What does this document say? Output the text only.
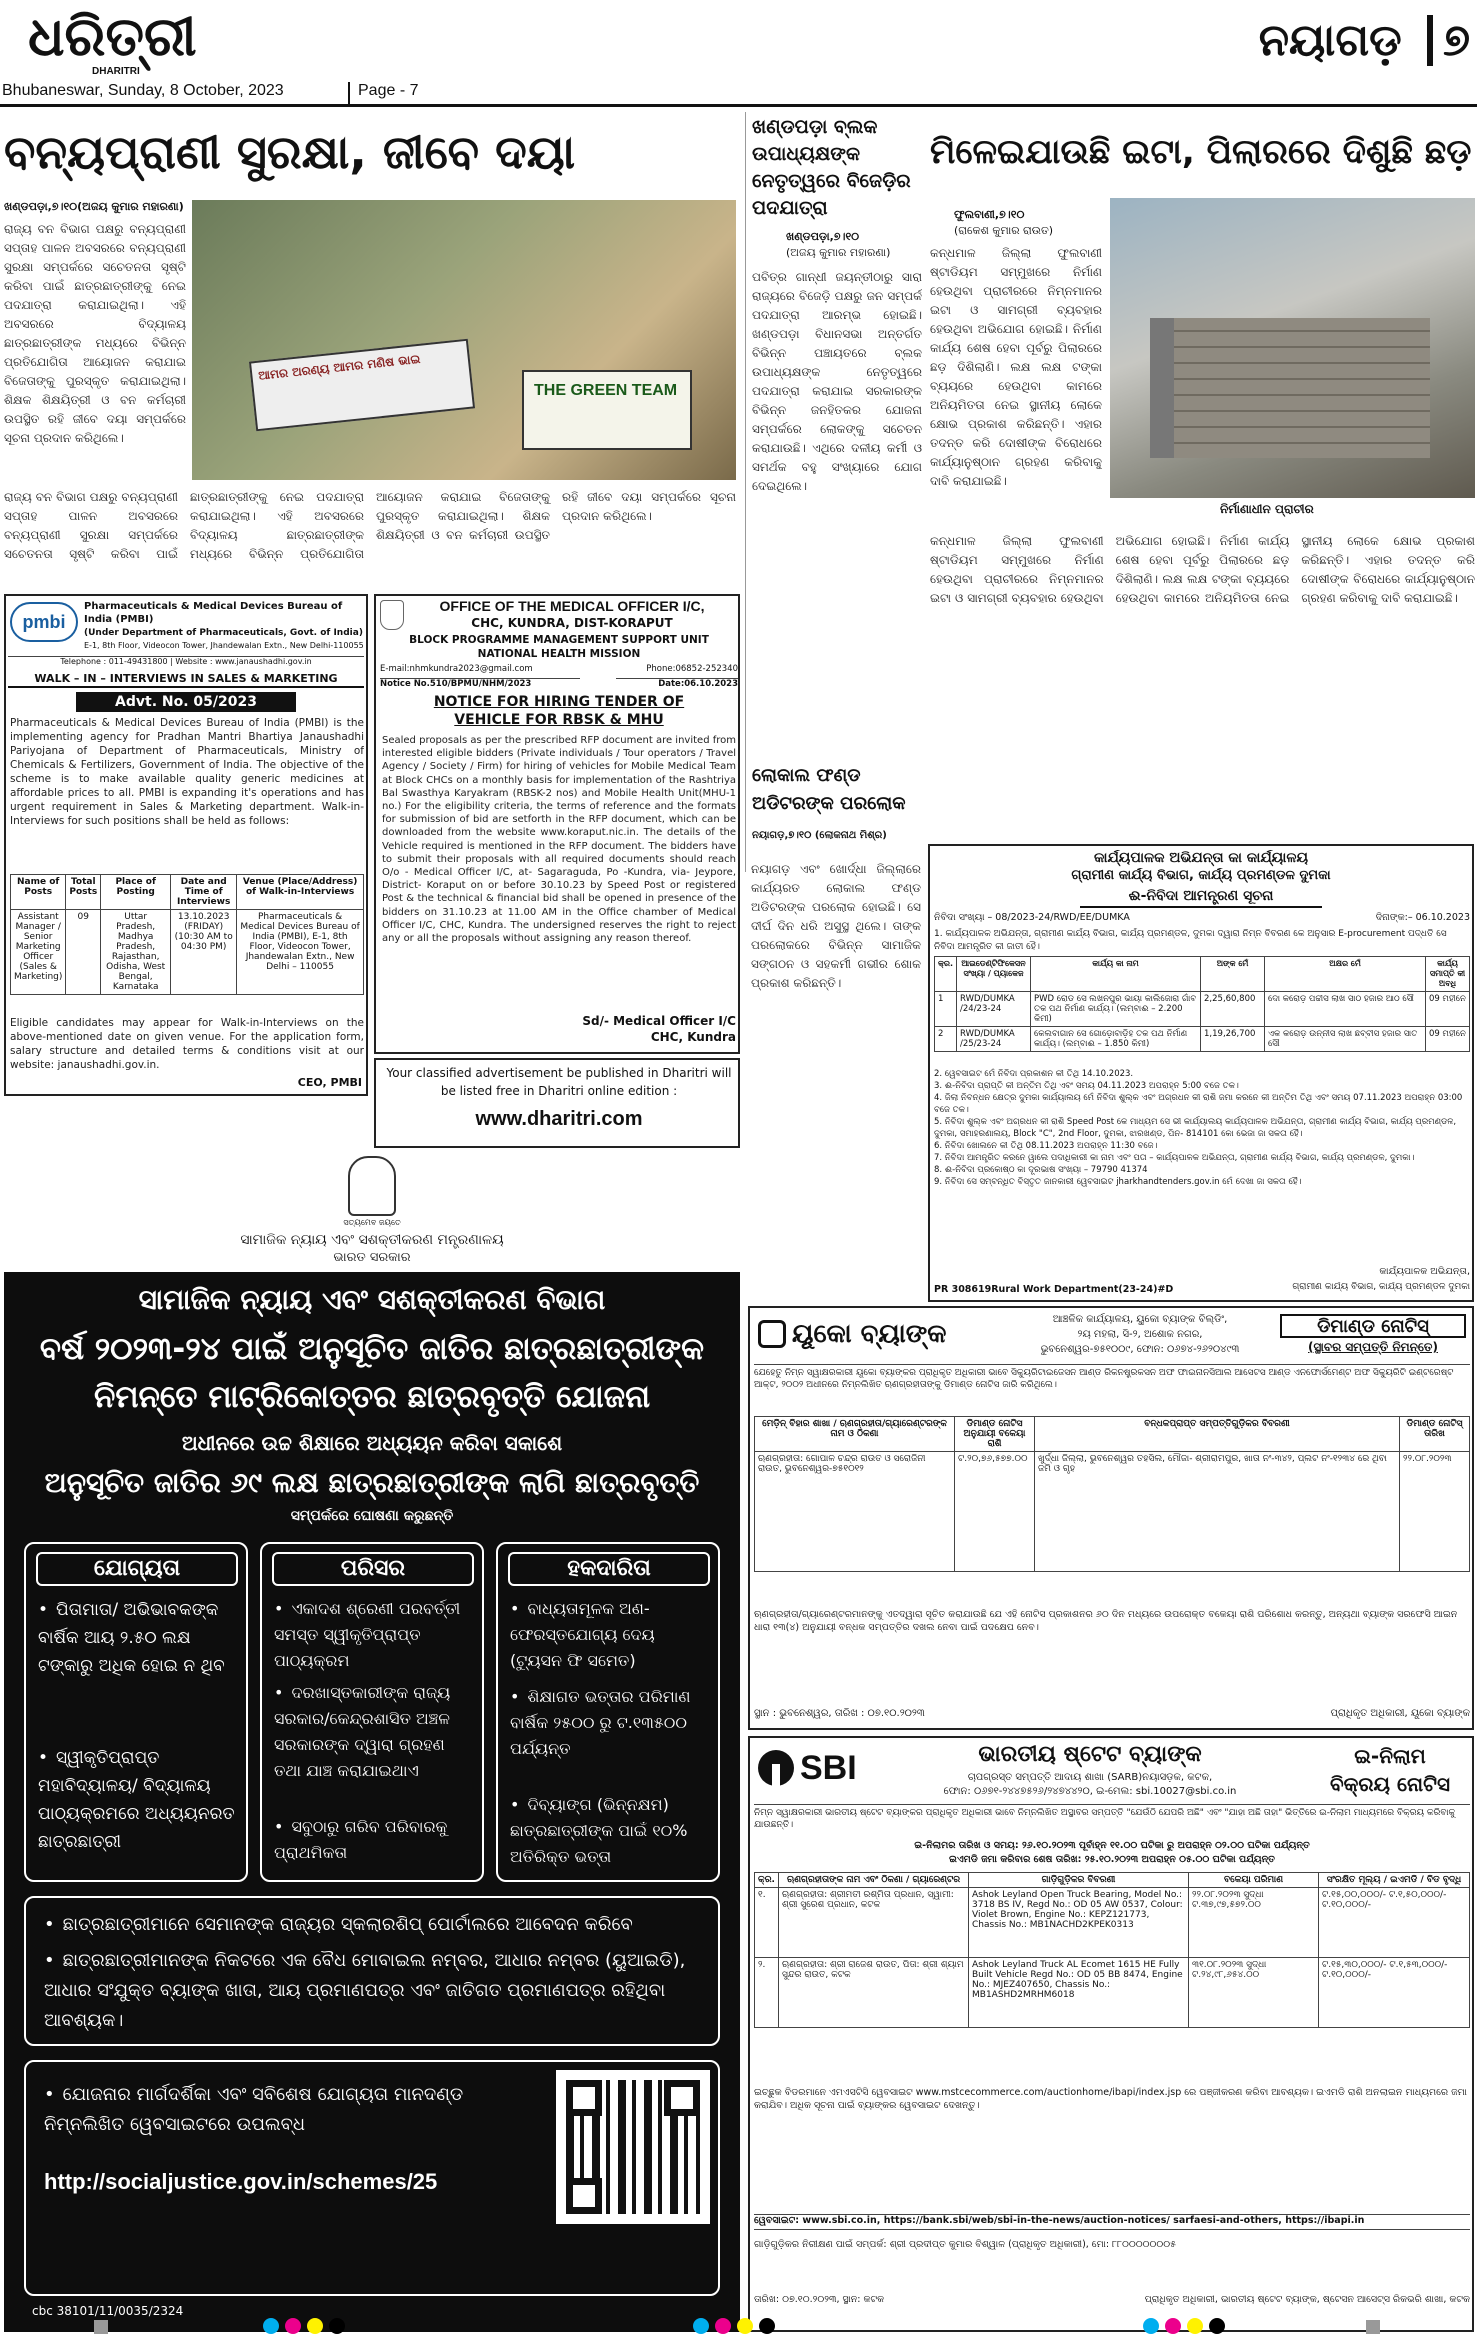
ଧରିତ୍ରୀ
DHARITRI
Bhubaneswar, Sunday, 8 October, 2023	Page - 7
ନୟାଗଡ଼ ୭
ବନ୍ୟପ୍ରାଣୀ ସୁରକ୍ଷା, ଜୀବେ ଦୟା
ଖଣ୍ଡପଡ଼ା,୭।୧୦(ଅଜୟ କୁମାର ମହାରଣା)
ରାଜ୍ୟ ବନ ବିଭାଗ ପକ୍ଷରୁ ବନ୍ୟପ୍ରାଣୀ ସପ୍ତାହ ପାଳନ ଅବସରରେ ବନ୍ୟପ୍ରାଣୀ ସୁରକ୍ଷା ସମ୍ପର୍କରେ ସଚେତନତା ସୃଷ୍ଟି କରିବା ପାଇଁ ଛାତ୍ରଛାତ୍ରୀଙ୍କୁ ନେଇ ପଦଯାତ୍ରା କରାଯାଇଥିଲା। ଏହି ଅବସରରେ ବିଦ୍ୟାଳୟ ଛାତ୍ରଛାତ୍ରୀଙ୍କ ମଧ୍ୟରେ ବିଭିନ୍ନ ପ୍ରତିଯୋଗିତା ଆୟୋଜନ କରାଯାଇ ବିଜେତାଙ୍କୁ ପୁରସ୍କୃତ କରାଯାଇଥିଲା। ଶିକ୍ଷକ ଶିକ୍ଷୟିତ୍ରୀ ଓ ବନ କର୍ମଚାରୀ ଉପସ୍ଥିତ ରହି ଜୀବେ ଦୟା ସମ୍ପର୍କରେ ସୂଚନା ପ୍ରଦାନ କରିଥିଲେ।
ଆମର ଅରଣ୍ୟ ଆମର ମଣିଷ ଭାଇ
THE GREEN TEAM
ରାଜ୍ୟ ବନ ବିଭାଗ ପକ୍ଷରୁ ବନ୍ୟପ୍ରାଣୀ ସପ୍ତାହ ପାଳନ ଅବସରରେ ବନ୍ୟପ୍ରାଣୀ ସୁରକ୍ଷା ସମ୍ପର୍କରେ ସଚେତନତା ସୃଷ୍ଟି କରିବା ପାଇଁ ଛାତ୍ରଛାତ୍ରୀଙ୍କୁ ନେଇ ପଦଯାତ୍ରା କରାଯାଇଥିଲା। ଏହି ଅବସରରେ ବିଦ୍ୟାଳୟ ଛାତ୍ରଛାତ୍ରୀଙ୍କ ମଧ୍ୟରେ ବିଭିନ୍ନ ପ୍ରତିଯୋଗିତା ଆୟୋଜନ କରାଯାଇ ବିଜେତାଙ୍କୁ ପୁରସ୍କୃତ କରାଯାଇଥିଲା। ଶିକ୍ଷକ ଶିକ୍ଷୟିତ୍ରୀ ଓ ବନ କର୍ମଚାରୀ ଉପସ୍ଥିତ ରହି ଜୀବେ ଦୟା ସମ୍ପର୍କରେ ସୂଚନା ପ୍ରଦାନ କରିଥିଲେ।
ଖଣ୍ଡପଡ଼ା ବ୍ଲକ ଉପାଧ୍ୟକ୍ଷଙ୍କ ନେତୃତ୍ୱରେ ବିଜେଡ଼ିର ପଦଯାତ୍ରା
ଖଣ୍ଡପଡ଼ା,୭।୧୦
(ଅଜୟ କୁମାର ମହାରଣା)
ପବିତ୍ର ଗାନ୍ଧୀ ଜୟନ୍ତୀଠାରୁ ସାରା ରାଜ୍ୟରେ ବିଜେଡ଼ି ପକ୍ଷରୁ ଜନ ସମ୍ପର୍କ ପଦଯାତ୍ରା ଆରମ୍ଭ ହୋଇଛି। ଖଣ୍ଡପଡ଼ା ବିଧାନସଭା ଅନ୍ତର୍ଗତ ବିଭିନ୍ନ ପଞ୍ଚାୟତରେ ବ୍ଲକ ଉପାଧ୍ୟକ୍ଷଙ୍କ ନେତୃତ୍ୱରେ ପଦଯାତ୍ରା କରାଯାଇ ସରକାରଙ୍କ ବିଭିନ୍ନ ଜନହିତକର ଯୋଜନା ସମ୍ପର୍କରେ ଲୋକଙ୍କୁ ସଚେତନ କରାଯାଉଛି। ଏଥିରେ ଦଳୀୟ କର୍ମୀ ଓ ସମର୍ଥକ ବହୁ ସଂଖ୍ୟାରେ ଯୋଗ ଦେଇଥିଲେ।
ଲୋକାଲ ଫଣ୍ଡ ଅଡିଟରଙ୍କ ପରଲୋକ
ନୟାଗଡ଼,୭।୧୦ (ଲୋକନାଥ ମିଶ୍ର)
ନୟାଗଡ଼ ଏବଂ ଖୋର୍ଦ୍ଧା ଜିଲ୍ଲାରେ କାର୍ଯ୍ୟରତ ଲୋକାଲ ଫଣ୍ଡ ଅଡିଟରଙ୍କ ପରଲୋକ ହୋଇଛି। ସେ ଦୀର୍ଘ ଦିନ ଧରି ଅସୁସ୍ଥ ଥିଲେ। ତାଙ୍କ ପରଲୋକରେ ବିଭିନ୍ନ ସାମାଜିକ ସଙ୍ଗଠନ ଓ ସହକର୍ମୀ ଗଭୀର ଶୋକ ପ୍ରକାଶ କରିଛନ୍ତି।
ମିଳେଇଯାଉଛି ଇଟା, ପିଲାରରେ ଦିଶୁଛି ଛଡ଼
ଫୁଲବାଣୀ,୭।୧୦
(ରାକେଶ କୁମାର ରାଉତ)
କନ୍ଧମାଳ ଜିଲ୍ଲା ଫୁଲବାଣୀ ଷ୍ଟାଡିୟମ ସମ୍ମୁଖରେ ନିର୍ମାଣ ହେଉଥିବା ପ୍ରାଚୀରରେ ନିମ୍ନମାନର ଇଟା ଓ ସାମଗ୍ରୀ ବ୍ୟବହାର ହେଉଥିବା ଅଭିଯୋଗ ହୋଇଛି। ନିର୍ମାଣ କାର୍ଯ୍ୟ ଶେଷ ହେବା ପୂର୍ବରୁ ପିଲାରରେ ଛଡ଼ ଦିଶିଲାଣି। ଲକ୍ଷ ଲକ୍ଷ ଟଙ୍କା ବ୍ୟୟରେ ହେଉଥିବା କାମରେ ଅନିୟମିତତା ନେଇ ସ୍ଥାନୀୟ ଲୋକେ କ୍ଷୋଭ ପ୍ରକାଶ କରିଛନ୍ତି। ଏହାର ତଦନ୍ତ କରି ଦୋଷୀଙ୍କ ବିରୋଧରେ କାର୍ଯ୍ୟାନୁଷ୍ଠାନ ଗ୍ରହଣ କରିବାକୁ ଦାବି କରାଯାଇଛି।
ନିର୍ମାଣାଧୀନ ପ୍ରାଚୀର
କନ୍ଧମାଳ ଜିଲ୍ଲା ଫୁଲବାଣୀ ଷ୍ଟାଡିୟମ ସମ୍ମୁଖରେ ନିର୍ମାଣ ହେଉଥିବା ପ୍ରାଚୀରରେ ନିମ୍ନମାନର ଇଟା ଓ ସାମଗ୍ରୀ ବ୍ୟବହାର ହେଉଥିବା ଅଭିଯୋଗ ହୋଇଛି। ନିର୍ମାଣ କାର୍ଯ୍ୟ ଶେଷ ହେବା ପୂର୍ବରୁ ପିଲାରରେ ଛଡ଼ ଦିଶିଲାଣି। ଲକ୍ଷ ଲକ୍ଷ ଟଙ୍କା ବ୍ୟୟରେ ହେଉଥିବା କାମରେ ଅନିୟମିତତା ନେଇ ସ୍ଥାନୀୟ ଲୋକେ କ୍ଷୋଭ ପ୍ରକାଶ କରିଛନ୍ତି। ଏହାର ତଦନ୍ତ କରି ଦୋଷୀଙ୍କ ବିରୋଧରେ କାର୍ଯ୍ୟାନୁଷ୍ଠାନ ଗ୍ରହଣ କରିବାକୁ ଦାବି କରାଯାଇଛି।
pmbi
Pharmaceuticals & Medical Devices Bureau of India (PMBI)
(Under Department of Pharmaceuticals, Govt. of India)
E-1, 8th Floor, Videocon Tower, Jhandewalan Extn., New Delhi-110055
Telephone : 011-49431800 | Website : www.janaushadhi.gov.in
WALK – IN – INTERVIEWS IN SALES & MARKETING
Advt. No. 05/2023
Pharmaceuticals & Medical Devices Bureau of India (PMBI) is the implementing agency for Pradhan Mantri Bhartiya Janaushadhi Pariyojana of Department of Pharmaceuticals, Ministry of Chemicals & Fertilizers, Government of India. The objective of the scheme is to make available quality generic medicines at affordable prices to all. PMBI is expanding it's operations and has urgent requirement in Sales & Marketing department. Walk-in-Interviews for such positions shall be held as follows:
Name of Posts	Total Posts	Place of Posting	Date and Time of Interviews	Venue (Place/Address) of Walk-in-Interviews
Assistant Manager / Senior Marketing Officer (Sales & Marketing)	09	Uttar Pradesh, Madhya Pradesh, Rajasthan, Odisha, West Bengal, Karnataka	13.10.2023 (FRIDAY) (10:30 AM to 04:30 PM)	Pharmaceuticals & Medical Devices Bureau of India (PMBI), E-1, 8th Floor, Videocon Tower, Jhandewalan Extn., New Delhi – 110055
Eligible candidates may appear for Walk-in-Interviews on the above-mentioned date on given venue. For the application form, salary structure and detailed terms & conditions visit at our website: janaushadhi.gov.in.
CEO, PMBI
OFFICE OF THE MEDICAL OFFICER I/C,
CHC, KUNDRA, DIST-KORAPUT
BLOCK PROGRAMME MANAGEMENT SUPPORT UNIT
NATIONAL HEALTH MISSION
E-mail:nhmkundra2023@gmail.com	Phone:06852-252340
Notice No.510/BPMU/NHM/2023	Date:06.10.2023
NOTICE FOR HIRING TENDER OF
VEHICLE FOR RBSK & MHU
Sealed proposals as per the prescribed RFP document are invited from interested eligible bidders (Private individuals / Tour operators / Travel Agency / Society / Firm) for hiring of vehicles for Mobile Medical Team at Block CHCs on a monthly basis for implementation of the Rashtriya Bal Swasthya Karyakram (RBSK-2 nos) and Mobile Health Unit(MHU-1 no.) For the eligibility criteria, the terms of reference and the formats for submission of bid are setforth in the RFP document, which can be downloaded from the website www.koraput.nic.in. The details of the Vehicle required is mentioned in the RFP document. The bidders have to submit their proposals with all required documents should reach O/o - Medical Officer I/C, at- Sagaraguda, Po -Kundra, via- Jeypore, District- Koraput on or before 30.10.23 by Speed Post or registered Post & the technical & financial bid shall be opened in presence of the bidders on 31.10.23 at 11.00 AM in the Office chamber of Medical Officer I/C, CHC, Kundra. The undersigned reserves the right to reject any or all the proposals without assigning any reason thereof.
Sd/- Medical Officer I/C
CHC, Kundra
Your classified advertisement be published in Dharitri will be listed free in Dharitri online edition :
www.dharitri.com
ସତ୍ୟମେବ ଜୟତେ
ସାମାଜିକ ନ୍ୟାୟ ଏବଂ ସଶକ୍ତୀକରଣ ମନ୍ତ୍ରଣାଳୟ
ଭାରତ ସରକାର
ସାମାଜିକ ନ୍ୟାୟ ଏବଂ ସଶକ୍ତୀକରଣ ବିଭାଗ
ବର୍ଷ ୨୦୨୩-୨୪ ପାଇଁ ଅନୁସୂଚିତ ଜାତିର ଛାତ୍ରଛାତ୍ରୀଙ୍କ
ନିମନ୍ତେ ମାଟ୍ରିକୋତ୍ତର ଛାତ୍ରବୃତ୍ତି ଯୋଜନା
ଅଧୀନରେ ଉଚ୍ଚ ଶିକ୍ଷାରେ ଅଧ୍ୟୟନ କରିବା ସକାଶେ
ଅନୁସୂଚିତ ଜାତିର ୬୯ ଲକ୍ଷ ଛାତ୍ରଛାତ୍ରୀଙ୍କ ଲାଗି ଛାତ୍ରବୃତ୍ତି
ସମ୍ପର୍କରେ ଘୋଷଣା କରୁଛନ୍ତି
ଯୋଗ୍ୟତା
• ପିତାମାତା/ ଅଭିଭାବକଙ୍କ ବାର୍ଷିକ ଆୟ ୨.୫୦ ଲକ୍ଷ ଟଙ୍କାରୁ ଅଧିକ ହୋଇ ନ ଥିବ
• ସ୍ୱୀକୃତିପ୍ରାପ୍ତ ମହାବିଦ୍ୟାଳୟ/ ବିଦ୍ୟାଳୟ ପାଠ୍ୟକ୍ରମରେ ଅଧ୍ୟୟନରତ ଛାତ୍ରଛାତ୍ରୀ
ପରିସର
• ଏକାଦଶ ଶ୍ରେଣୀ ପରବର୍ତ୍ତୀ ସମସ୍ତ ସ୍ୱୀକୃତିପ୍ରାପ୍ତ ପାଠ୍ୟକ୍ରମ
• ଦରଖାସ୍ତକାରୀଙ୍କ ରାଜ୍ୟ ସରକାର/କେନ୍ଦ୍ରଶାସିତ ଅଞ୍ଚଳ ସରକାରଙ୍କ ଦ୍ୱାରା ଗ୍ରହଣ ତଥା ଯାଞ୍ଚ କରାଯାଇଥାଏ
• ସବୁଠାରୁ ଗରିବ ପରିବାରକୁ ପ୍ରାଥମିକତା
ହକଦାରିତା
• ବାଧ୍ୟତାମୂଳକ ଅଣ-ଫେରସ୍ତଯୋଗ୍ୟ ଦେୟ (ଟ୍ୟୁସନ ଫି ସମେତ)
• ଶିକ୍ଷାଗତ ଭତ୍ତାର ପରିମାଣ ବାର୍ଷିକ ୨୫୦୦ ରୁ ଟ.୧୩୫୦୦ ପର୍ଯ୍ୟନ୍ତ
• ଦିବ୍ୟାଙ୍ଗ (ଭିନ୍ନକ୍ଷମ) ଛାତ୍ରଛାତ୍ରୀଙ୍କ ପାଇଁ ୧୦% ଅତିରିକ୍ତ ଭତ୍ତା
• ଛାତ୍ରଛାତ୍ରୀମାନେ ସେମାନଙ୍କ ରାଜ୍ୟର ସ୍କଲାରଶିପ୍ ପୋର୍ଟାଲରେ ଆବେଦନ କରିବେ
• ଛାତ୍ରଛାତ୍ରୀମାନଙ୍କ ନିକଟରେ ଏକ ବୈଧ ମୋବାଇଲ ନମ୍ବର, ଆଧାର ନମ୍ବର (ୟୁଆଇଡି), ଆଧାର ସଂଯୁକ୍ତ ବ୍ୟାଙ୍କ ଖାତା, ଆୟ ପ୍ରମାଣପତ୍ର ଏବଂ ଜାତିଗତ ପ୍ରମାଣପତ୍ର ରହିଥିବା ଆବଶ୍ୟକ।
• ଯୋଜନାର ମାର୍ଗଦର୍ଶିକା ଏବଂ ସବିଶେଷ ଯୋଗ୍ୟତା ମାନଦଣ୍ଡ ନିମ୍ନଲିଖିତ ୱେବସାଇଟରେ ଉପଲବ୍ଧ
http://socialjustice.gov.in/schemes/25
cbc 38101/11/0035/2324
କାର୍ଯ୍ୟପାଳକ ଅଭିଯନ୍ତା କା କାର୍ଯ୍ୟାଳୟ
ଗ୍ରାମୀଣ କାର୍ଯ୍ୟ ବିଭାଗ, କାର୍ଯ୍ୟ ପ୍ରମଣ୍ଡଳ ଦୁମକା
ଈ-ନିବିଦା ଆମନ୍ତ୍ରଣ ସୂଚନା
ନିବିଦା ସଂଖ୍ୟା – 08/2023-24/RWD/EE/DUMKA	ଦିନାଙ୍କ:– 06.10.2023
1. କାର୍ଯ୍ୟପାଳକ ଅଭିଯନ୍ତା, ଗ୍ରାମୀଣ କାର୍ଯ୍ୟ ବିଭାଗ, କାର୍ଯ୍ୟ ପ୍ରମଣ୍ଡଳ, ଦୁମକା ଦ୍ୱାରା ନିମ୍ନ ବିବରଣ କେ ଅନୁସାର E-procurement ପଦ୍ଧତି ସେ ନିବିଦା ଆମନ୍ତ୍ରିତ କୀ ଜାତୀ ହୈ।
କ୍ର.	ଆଇଡେଣ୍ଟିଫିକେସନ ସଂଖ୍ୟା / ପ୍ୟାକେଜ	କାର୍ଯ୍ୟ କା ନାମ	ଅଙ୍କ ମେଁ	ଅକ୍ଷର ମେଁ	କାର୍ଯ୍ୟ ସମାପ୍ତି କୀ ଅବଧି
1	RWD/DUMKA /24/23-24	PWD ରୋଡ ସେ ଲଖନପୁର ଭାୟା କାଲିଜୋରା ଗାଁବ ତକ ପଥ ନିର୍ମାଣ କାର୍ଯ୍ୟ। (ଲମ୍ବାଈ – 2.200 କିମୀ)	2,25,60,800	ଦୋ କରୋଡ଼ ପଚ୍ଚୀସ ଲାଖ ସାଠ ହଜାର ଆଠ ସୌ	09 ମହୀନେ
2	RWD/DUMKA /25/23-24	କେଲବାଗାନ ସେ ଗୋଡ଼ୋବାଡ଼ିହ ତକ ପଥ ନିର୍ମାଣ କାର୍ଯ୍ୟ। (ଲମ୍ବାଈ – 1.850 କିମୀ)	1,19,26,700	ଏକ କରୋଡ଼ ଉନ୍ନୀସ ଲାଖ ଛବ୍ବୀସ ହଜାର ସାତ ସୌ	09 ମହୀନେ
2. ୱେବସାଇଟ ମେଁ ନିବିଦା ପ୍ରକାଶନ କୀ ତିଥି 14.10.2023.
3. ଈ-ନିବିଦା ପ୍ରାପ୍ତି କୀ ଅନ୍ତିମ ତିଥି ଏବଂ ସମୟ 04.11.2023 ଅପରାହ୍ନ 5:00 ବଜେ ତକ।
4. ଜିଲା ନିବନ୍ଧନ କ୍ଷେତ୍ର ଦୁମକା କାର୍ଯ୍ୟାଲୟ ମେଁ ନିବିଦା ଶୁଲ୍କ ଏବଂ ଅଗ୍ରଧନ କୀ ରାଶି ଜମା କରନେ କୀ ଅନ୍ତିମ ତିଥି ଏବଂ ସମୟ 07.11.2023 ଅପରାହ୍ନ 03:00 ବଜେ ତକ।
5. ନିବିଦା ଶୁଲ୍କ ଏବଂ ଅଗ୍ରଧନ କୀ ରାଶି Speed Post କେ ମାଧ୍ୟମ ସେ ଭୀ କାର୍ଯ୍ୟାଲୟ କାର୍ଯ୍ୟପାଳକ ଅଭିଯନ୍ତା, ଗ୍ରାମୀଣ କାର୍ଯ୍ୟ ବିଭାଗ, କାର୍ଯ୍ୟ ପ୍ରମଣ୍ଡଳ, ଦୁମକା, ସମାହରଣାଲୟ, Block "C", 2nd Floor, ଦୁମକା, ଝାରଖଣ୍ଡ, ପିନ- 814101 କୋ ଭେଜା ଜା ସକତା ହୈ।
6. ନିବିଦା ଖୋଲନେ କୀ ତିଥି 08.11.2023 ଅପରାହ୍ନ 11:30 ବଜେ।
7. ନିବିଦା ଆମନ୍ତ୍ରିତ କରନେ ୱାଲେ ପଦାଧିକାରୀ କା ନାମ ଏବଂ ପତା – କାର୍ଯ୍ୟପାଳକ ଅଭିଯନ୍ତା, ଗ୍ରାମୀଣ କାର୍ଯ୍ୟ ବିଭାଗ, କାର୍ଯ୍ୟ ପ୍ରମଣ୍ଡଳ, ଦୁମକା।
8. ଈ-ନିବିଦା ପ୍ରକୋଷ୍ଠ କା ଦୂରଭାଷ ସଂଖ୍ୟା – 79790 41374
9. ନିବିଦା ସେ ସମ୍ବନ୍ଧିତ ବିସ୍ତୃତ ଜାନକାରୀ ୱେବସାଇଟ jharkhandtenders.gov.in ମେଁ ଦେଖା ଜା ସକତା ହୈ।
କାର୍ଯ୍ୟପାଳକ ଅଭିଯନ୍ତା,
PR 308619Rural Work Department(23-24)#D	ଗ୍ରାମୀଣ କାର୍ଯ୍ୟ ବିଭାଗ, କାର୍ଯ୍ୟ ପ୍ରମଣ୍ଡଳ ଦୁମକା
ୟୂକୋ ବ୍ୟାଙ୍କ	ଆଞ୍ଚଳିକ କାର୍ଯ୍ୟାଳୟ, ୟୁକୋ ବ୍ୟାଙ୍କ ବିଲ୍ଡିଂ,
୨ୟ ମହଲା, ସି-୨, ଅଶୋକ ନଗର,
ଭୁବନେଶ୍ୱର-୭୫୧୦୦୯, ଫୋନ: ୦୬୭୪-୨୬୨୦୪୯୩
ଡିମାଣ୍ଡ ନୋଟିସ୍
(ସ୍ଥାବର ସମ୍ପତ୍ତି ନିମନ୍ତେ)
ଯେହେତୁ ନିମ୍ନ ସ୍ୱାକ୍ଷରକାରୀ ୟୂକୋ ବ୍ୟାଙ୍କର ପ୍ରାଧିକୃତ ଅଧିକାରୀ ଭାବେ ସିକ୍ୟୁରିଟାଇଜେସନ ଆଣ୍ଡ ରିକନଷ୍ଟ୍ରକସନ ଅଫ ଫାଇନାନସିଆଲ ଆସେଟସ ଆଣ୍ଡ ଏନଫୋର୍ସମେଣ୍ଟ ଅଫ ସିକ୍ୟୁରିଟି ଇଣ୍ଟରେଷ୍ଟ ଆକ୍ଟ, ୨୦୦୨ ଅଧୀନରେ ନିମ୍ନଲିଖିତ ଋଣଗ୍ରହୀତାଙ୍କୁ ଡିମାଣ୍ଡ ନୋଟିସ ଜାରି କରିଥିଲେ।
ମେଡ଼ିନ୍ ବିହାର ଶାଖା / ଋଣଗ୍ରହୀତା/ଗ୍ୟାରେଣ୍ଟରଙ୍କ ନାମ ଓ ଠିକଣା	ଡିମାଣ୍ଡ ନୋଟିସ ଅନୁଯାୟୀ ବକେୟା ରାଶି	ବନ୍ଧକପ୍ରାପ୍ତ ସମ୍ପତ୍ତିଗୁଡ଼ିକର ବିବରଣୀ	ଡିମାଣ୍ଡ ନୋଟିସ୍ ତାରିଖ
ଋଣଗ୍ରହୀତା: ଗୋପାଳ ଚନ୍ଦ୍ର ରାଉତ ଓ ସରୋଜିନୀ ରାଉତ, ଭୁବନେଶ୍ୱର-୭୫୧୦୧୨	ଟ.୨୦,୭୬,୫୭୭.୦୦	ଖୁର୍ଦ୍ଧା ଜିଲ୍ଲା, ଭୁବନେଶ୍ୱର ତହସିଲ, ମୌଜା- ଶ୍ରୀରାମପୁର, ଖାତା ନଂ-୩୪୨, ପ୍ଲଟ ନଂ-୧୨୩୪ ରେ ଥିବା ଜମି ଓ ଗୃହ	୨୨.୦୮.୨୦୨୩
ଋଣଗ୍ରହୀତା/ଗ୍ୟାରେଣ୍ଟରମାନଙ୍କୁ ଏତଦ୍ୱାରା ସୂଚିତ କରାଯାଉଛି ଯେ ଏହି ନୋଟିସ ପ୍ରକାଶନର ୬୦ ଦିନ ମଧ୍ୟରେ ଉପରୋକ୍ତ ବକେୟା ରାଶି ପରିଶୋଧ କରନ୍ତୁ, ଅନ୍ୟଥା ବ୍ୟାଙ୍କ ସରଫେସି ଆଇନ ଧାରା ୧୩(୪) ଅନୁଯାୟୀ ବନ୍ଧକ ସମ୍ପତ୍ତିର ଦଖଲ ନେବା ପାଇଁ ପଦକ୍ଷେପ ନେବ।
ସ୍ଥାନ : ଭୁବନେଶ୍ୱର, ତାରିଖ : ୦୭.୧୦.୨୦୨୩	ପ୍ରାଧିକୃତ ଅଧିକାରୀ, ୟୂକୋ ବ୍ୟାଙ୍କ
SBI	ଭାରତୀୟ ଷ୍ଟେଟ ବ୍ୟାଙ୍କ
ଚାପଗ୍ରସ୍ତ ସମ୍ପତ୍ତି ଆଦାୟ ଶାଖା (SARB)ନୟାସଡ଼କ, କଟକ,
ଫୋନ: ୦୬୭୧-୨୪୪୭୫୨୬/୨୪୭୪୪୨୦, ଇ-ମେଲ: sbi.10027@sbi.co.in
ଇ-ନିଲାମ
ବିକ୍ରୟ ନୋଟିସ
ନିମ୍ନ ସ୍ୱାକ୍ଷରକାରୀ ଭାରତୀୟ ଷ୍ଟେଟ ବ୍ୟାଙ୍କର ପ୍ରାଧିକୃତ ଅଧିକାରୀ ଭାବେ ନିମ୍ନଲିଖିତ ଅସ୍ଥାବର ସମ୍ପତ୍ତି "ଯେଉଁଠି ଯେପରି ଅଛି" ଏବଂ "ଯାହା ଅଛି ତାହା" ଭିତ୍ତିରେ ଇ-ନିଲାମ ମାଧ୍ୟମରେ ବିକ୍ରୟ କରିବାକୁ ଯାଉଛନ୍ତି।
ଇ-ନିଲାମର ତାରିଖ ଓ ସମୟ: ୨୬.୧୦.୨୦୨୩ ପୂର୍ବାହ୍ନ ୧୧.୦୦ ଘଟିକା ରୁ ଅପରାହ୍ନ ୦୨.୦୦ ଘଟିକା ପର୍ଯ୍ୟନ୍ତ
ଇଏମଡି ଜମା କରିବାର ଶେଷ ତାରିଖ: ୨୫.୧୦.୨୦୨୩ ଅପରାହ୍ନ ୦୫.୦୦ ଘଟିକା ପର୍ଯ୍ୟନ୍ତ
କ୍ର.	ଋଣଗ୍ରହୀତାଙ୍କ ନାମ ଏବଂ ଠିକଣା / ଗ୍ୟାରେଣ୍ଟର	ଗାଡ଼ିଗୁଡ଼ିକର ବିବରଣୀ	ବକେୟା ପରିମାଣ	ସଂରକ୍ଷିତ ମୂଲ୍ୟ / ଇଏମଡି / ବିଡ ବୃଦ୍ଧି
୧.	ଋଣଗ୍ରହୀତା: ଶ୍ରୀମତୀ ରଶ୍ମିତା ପ୍ରଧାନ, ସ୍ୱାମୀ: ଶ୍ରୀ ସୁରେଶ ପ୍ରଧାନ, କଟକ	Ashok Leyland Open Truck Bearing, Model No.: 3718 BS IV, Regd No.: OD 05 AW 0537, Colour: Violet Brown, Engine No.: KEPZ121773, Chassis No.: MB1NACHD2KPEK0313	୨୨.୦୮.୨୦୨୩ ସୁଦ୍ଧା ଟ.୩୭,୯୭,୫୭୨.୦୦	ଟ.୧୫,୦୦,୦୦୦/- ଟ.୧,୫୦,୦୦୦/- ଟ.୧୦,୦୦୦/-
୨.	ଋଣଗ୍ରହୀତା: ଶ୍ରୀ ରାଜେଶ ରାଉତ, ପିତା: ଶ୍ରୀ ଶ୍ୟାମ ସୁନ୍ଦର ରାଉତ, କଟକ	Ashok Leyland Truck AL Ecomet 1615 HE Fully Built Vehicle Regd No.: OD 05 BB 8474, Engine No.: MJEZ407650, Chassis No.: MB1ASHD2MRHM6018	୩୧.୦୮.୨୦୨୩ ସୁଦ୍ଧା ଟ.୨୪,୯୮,୬୫୪.୦୦	ଟ.୧୫,୩୦,୦୦୦/- ଟ.୧,୫୩,୦୦୦/- ଟ.୧୦,୦୦୦/-
ଇଚ୍ଛୁକ ବିଡରମାନେ ଏମଏସଟିସି ୱେବସାଇଟ www.mstcecommerce.com/auctionhome/ibapi/index.jsp ରେ ପଞ୍ଜୀକରଣ କରିବା ଆବଶ୍ୟକ। ଇଏମଡି ରାଶି ଅନଲାଇନ ମାଧ୍ୟମରେ ଜମା କରାଯିବ। ଅଧିକ ସୂଚନା ପାଇଁ ବ୍ୟାଙ୍କର ୱେବସାଇଟ ଦେଖନ୍ତୁ।
ୱେବସାଇଟ: www.sbi.co.in, https://bank.sbi/web/sbi-in-the-news/auction-notices/ sarfaesi-and-others, https://ibapi.in
ଗାଡ଼ିଗୁଡ଼ିକର ନିରୀକ୍ଷଣ ପାଇଁ ସମ୍ପର୍କ: ଶ୍ରୀ ପ୍ରଦୀପ୍ତ କୁମାର ବିଶ୍ୱାଳ (ପ୍ରାଧିକୃତ ଅଧିକାରୀ), ମୋ: ୮୮୦୦୦୦୦୦୦୫
ତାରିଖ: ୦୭.୧୦.୨୦୨୩, ସ୍ଥାନ: କଟକ	ପ୍ରାଧିକୃତ ଅଧିକାରୀ, ଭାରତୀୟ ଷ୍ଟେଟ ବ୍ୟାଙ୍କ, ଷ୍ଟେସନ ଆସେଟ୍ସ ରିକଭରି ଶାଖା, କଟକ
